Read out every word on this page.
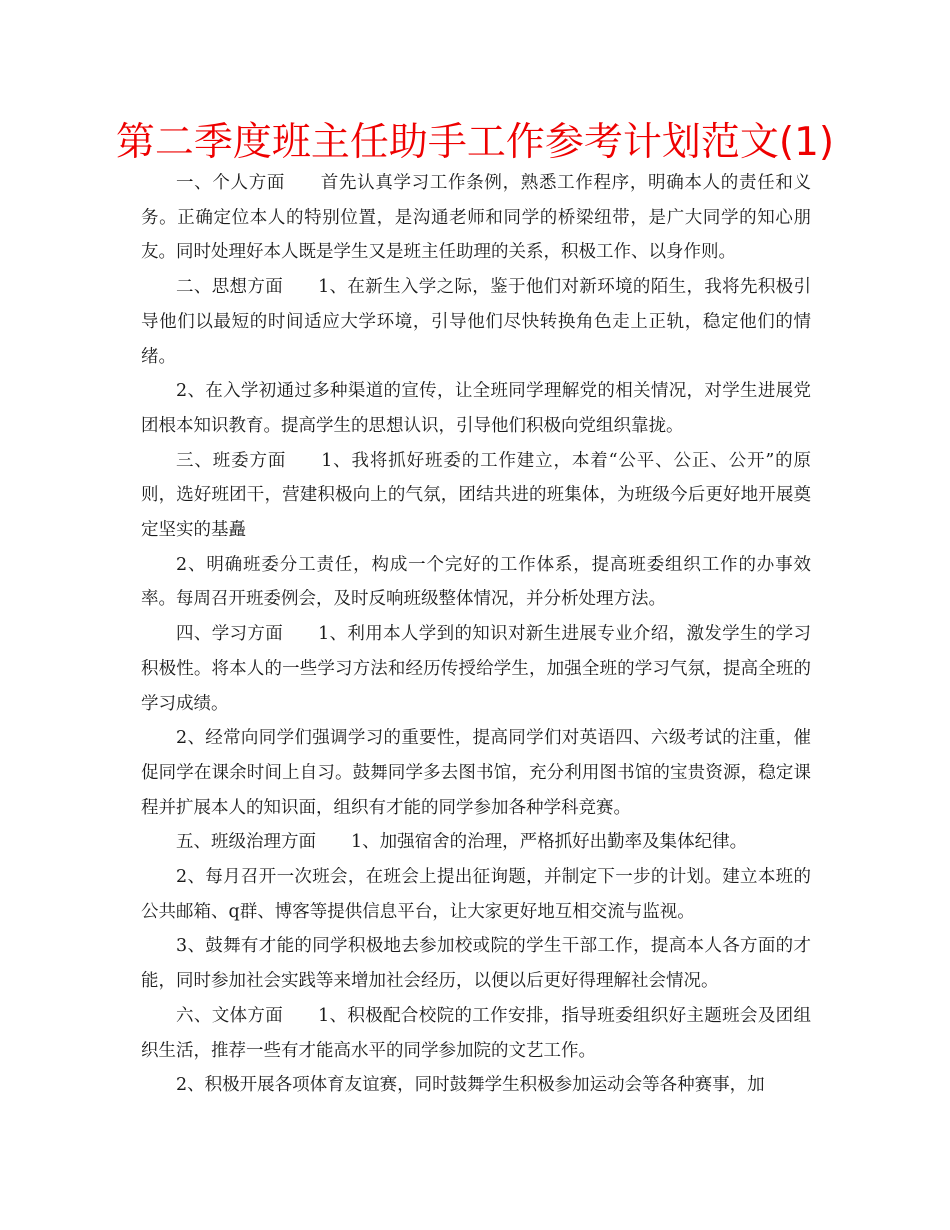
第二季度班主任助手工作参考计划范文(1)

一、个人方面 首先认真学习工作条例，熟悉工作程序，明确本人的责任和义务。正确定位本人的特别位置，是沟通老师和同学的桥梁纽带，是广大同学的知心朋友。同时处理好本人既是学生又是班主任助理的关系，积极工作、以身作则。

二、思想方面 1、在新生入学之际，鉴于他们对新环境的陌生，我将先积极引导他们以最短的时间适应大学环境，引导他们尽快转换角色走上正轨，稳定他们的情绪。

2、在入学初通过多种渠道的宣传，让全班同学理解党的相关情况，对学生进展党团根本知识教育。提高学生的思想认识，引导他们积极向党组织靠拢。

三、班委方面 1、我将抓好班委的工作建立，本着“公平、公正、公开”的原则，选好班团干，营建积极向上的气氛，团结共进的班集体，为班级今后更好地开展奠定坚实的基矗

2、明确班委分工责任，构成一个完好的工作体系，提高班委组织工作的办事效率。每周召开班委例会，及时反响班级整体情况，并分析处理方法。

四、学习方面 1、利用本人学到的知识对新生进展专业介绍，激发学生的学习积极性。将本人的一些学习方法和经历传授给学生，加强全班的学习气氛，提高全班的学习成绩。

2、经常向同学们强调学习的重要性，提高同学们对英语四、六级考试的注重，催促同学在课余时间上自习。鼓舞同学多去图书馆，充分利用图书馆的宝贵资源，稳定课程并扩展本人的知识面，组织有才能的同学参加各种学科竞赛。

五、班级治理方面 1、加强宿舍的治理，严格抓好出勤率及集体纪律。

2、每月召开一次班会，在班会上提出征询题，并制定下一步的计划。建立本班的公共邮箱、q群、博客等提供信息平台，让大家更好地互相交流与监视。

3、鼓舞有才能的同学积极地去参加校或院的学生干部工作，提高本人各方面的才能，同时参加社会实践等来增加社会经历，以便以后更好得理解社会情况。

六、文体方面 1、积极配合校院的工作安排，指导班委组织好主题班会及团组织生活，推荐一些有才能高水平的同学参加院的文艺工作。

2、积极开展各项体育友谊赛，同时鼓舞学生积极参加运动会等各种赛事，加
